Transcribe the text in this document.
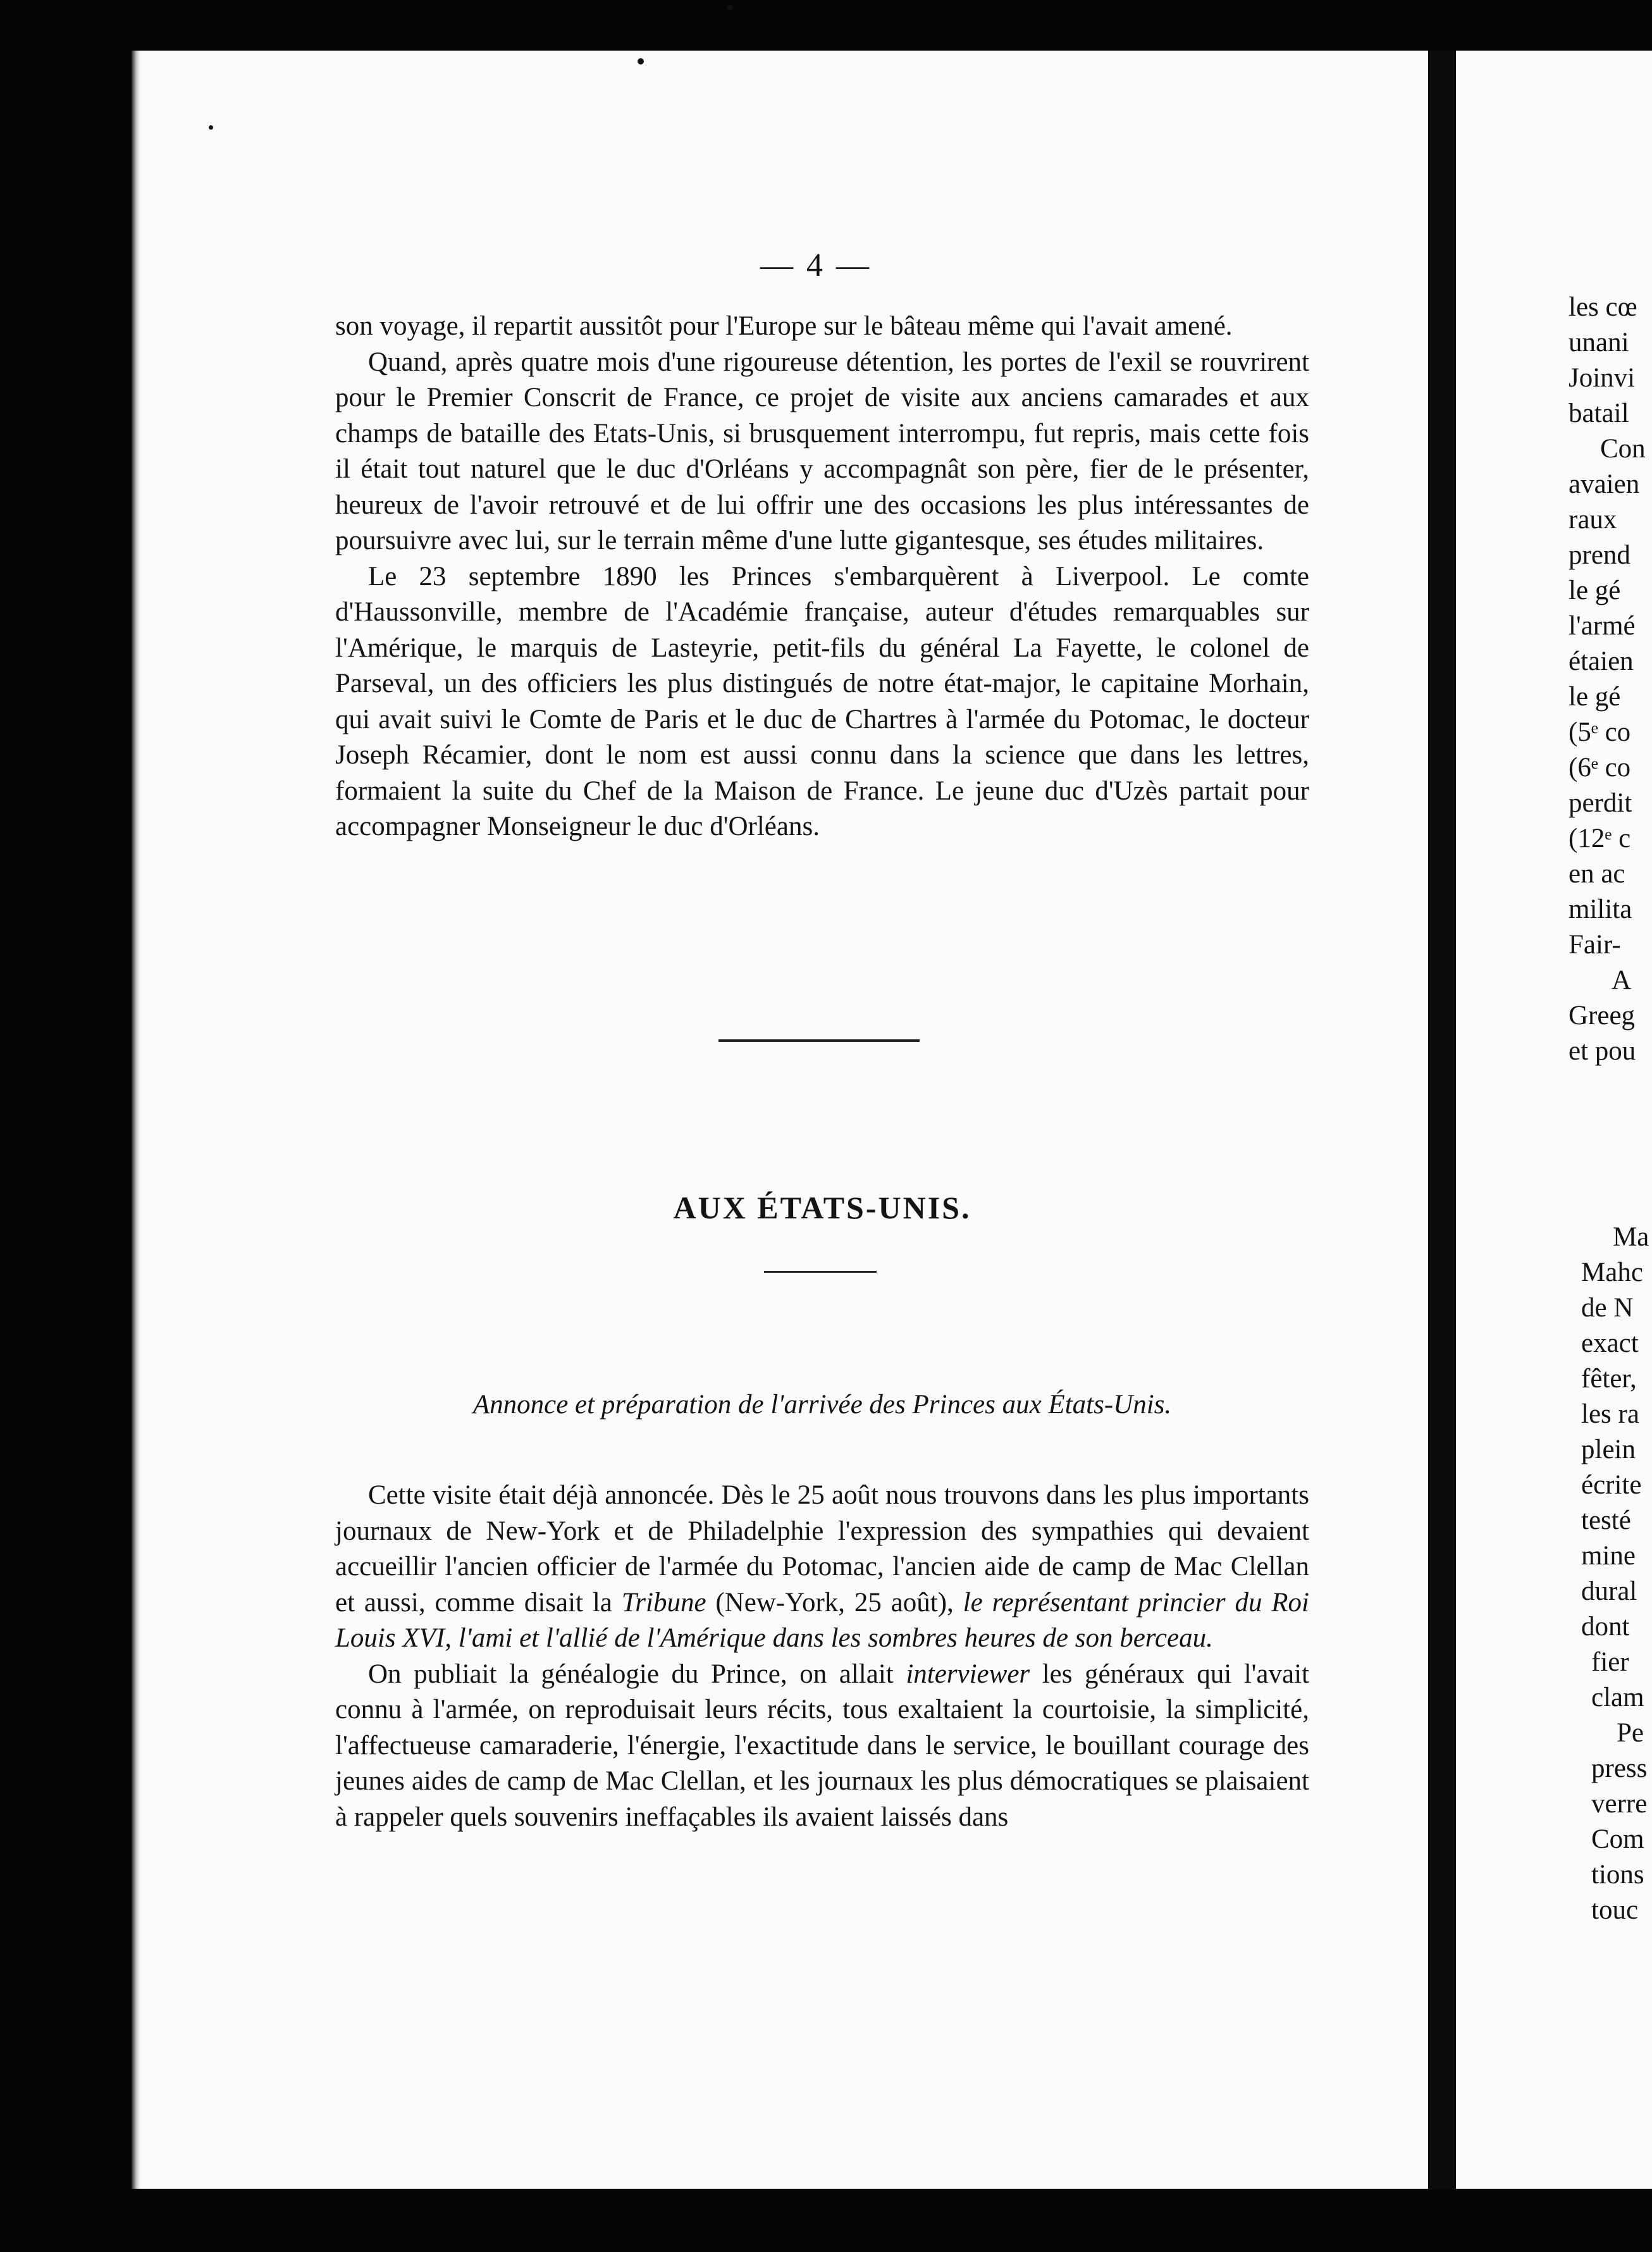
— 4 —

son voyage, il repartit aussitôt pour l'Europe sur le bâteau même qui l'avait amené.

Quand, après quatre mois d'une rigoureuse détention, les portes de l'exil se rouvrirent pour le Premier Conscrit de France, ce projet de visite aux anciens camarades et aux champs de bataille des Etats-Unis, si brusquement interrompu, fut repris, mais cette fois il était tout naturel que le duc d'Orléans y accompagnât son père, fier de le présenter, heureux de l'avoir retrouvé et de lui offrir une des occasions les plus intéressantes de poursuivre avec lui, sur le terrain même d'une lutte gigantesque, ses études militaires.

Le 23 septembre 1890 les Princes s'embarquèrent à Liverpool. Le comte d'Haussonville, membre de l'Académie française, auteur d'études remarquables sur l'Amérique, le marquis de Lasteyrie, petit-fils du général La Fayette, le colonel de Parseval, un des officiers les plus distingués de notre état-major, le capitaine Morhain, qui avait suivi le Comte de Paris et le duc de Chartres à l'armée du Potomac, le docteur Joseph Récamier, dont le nom est aussi connu dans la science que dans les lettres, formaient la suite du Chef de la Maison de France. Le jeune duc d'Uzès partait pour accompagner Monseigneur le duc d'Orléans.

AUX ÉTATS-UNIS.
Annonce et préparation de l'arrivée des Princes aux États-Unis.

Cette visite était déjà annoncée. Dès le 25 août nous trouvons dans les plus importants journaux de New-York et de Philadelphie l'expression des sympathies qui devaient accueillir l'ancien officier de l'armée du Potomac, l'ancien aide de camp de Mac Clellan et aussi, comme disait la Tribune (New-York, 25 août), le représentant princier du Roi Louis XVI, l'ami et l'allié de l'Amérique dans les sombres heures de son berceau.

On publiait la généalogie du Prince, on allait interviewer les généraux qui l'avait connu à l'armée, on reproduisait leurs récits, tous exaltaient la courtoisie, la simplicité, l'affectueuse camaraderie, l'énergie, l'exactitude dans le service, le bouillant courage des jeunes aides de camp de Mac Clellan, et les journaux les plus démocratiques se plaisaient à rappeler quels souvenirs ineffaçables ils avaient laissés dans

les cœ
unani
Joinvi
batail
Con
avaien
raux
prend
le gé
l'armé
étaien
le gé
(5ᵉ co
(6ᵉ co
perdit
(12ᵉ c
en ac
milita
Fair-
A
Greeg
et pou
Ma
Mahc
de N
exact
fêter,
les ra
plein
écrite
testé
mine
dural
dont
fier
clam
Pe
press
verre
Com
tions
touc
